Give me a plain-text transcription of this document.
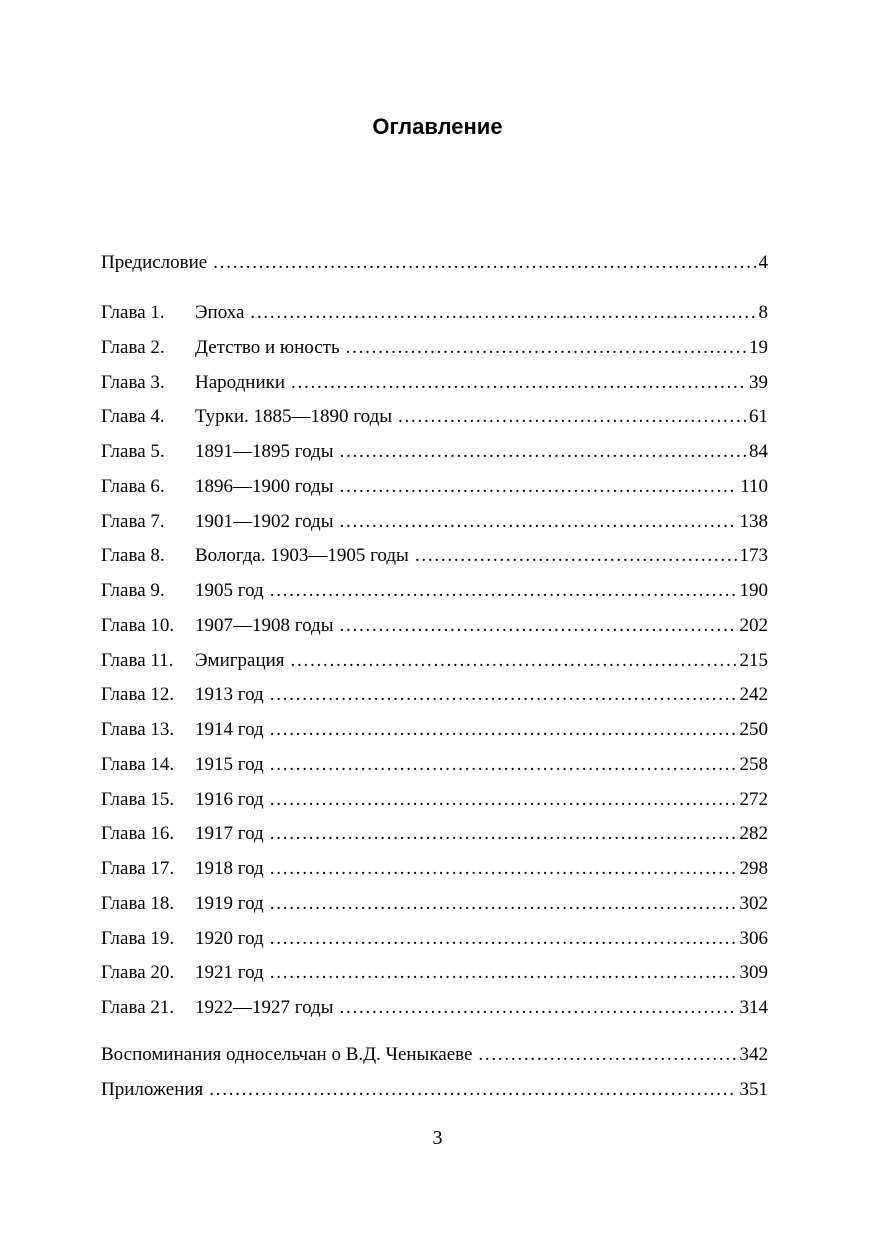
Оглавление
Предисловие . . .	4
Глава 1.	Эпоха . . .	8
Глава 2.	Детство и юность . . .	19
Глава 3.	Народники . . .	39
Глава 4.	Турки. 1885—1890 годы . . .	61
Глава 5.	1891—1895 годы . . .	84
Глава 6.	1896—1900 годы . . .	110
Глава 7.	1901—1902 годы . . .	138
Глава 8.	Вологда. 1903—1905 годы . . .	173
Глава 9.	1905 год . . .	190
Глава 10.	1907—1908 годы . . .	202
Глава 11.	Эмиграция . . .	215
Глава 12.	1913 год . . .	242
Глава 13.	1914 год . . .	250
Глава 14.	1915 год . . .	258
Глава 15.	1916 год . . .	272
Глава 16.	1917 год . . .	282
Глава 17.	1918 год . . .	298
Глава 18.	1919 год . . .	302
Глава 19.	1920 год . . .	306
Глава 20.	1921 год . . .	309
Глава 21.	1922—1927 годы . . .	314
Воспоминания односельчан о В.Д. Ченыкаеве . . .	342
Приложения . . .	351
3
